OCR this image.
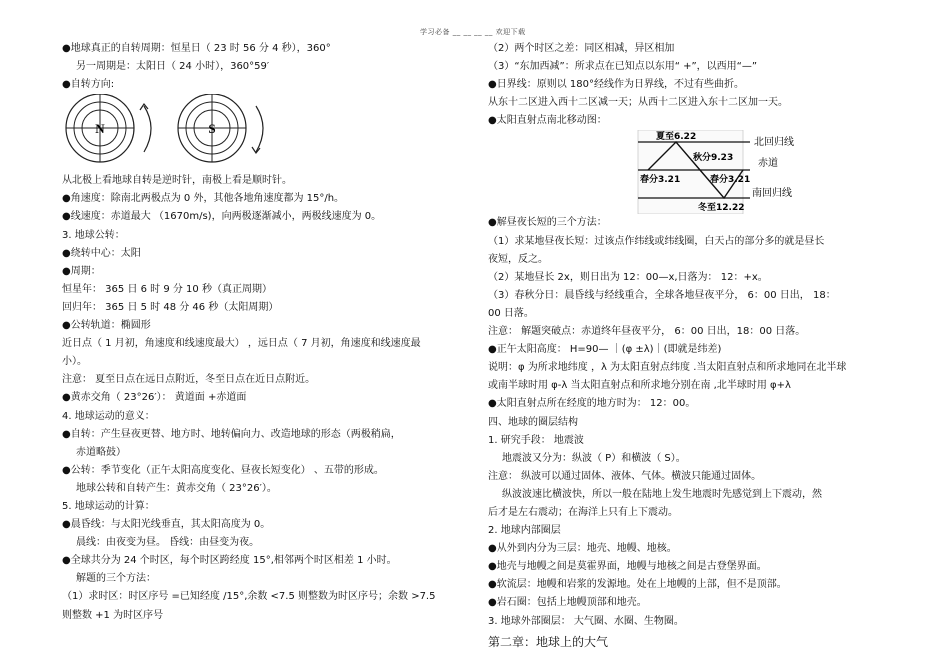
学习必备 __ __ __ __ 欢迎下载
●地球真正的自转周期：恒星日（ 23 时 56 分 4 秒），360°
另一周期是：太阳日（ 24 小时），360°59′
●自转方向:
N	S
从北极上看地球自转是逆时针，南极上看是顺时针。
●角速度：除南北两极点为 0 外，其他各地角速度都为 15°/h。
●线速度：赤道最大 （1670m/s)，向两极逐渐减小，两极线速度为 0。
3. 地球公转：
●绕转中心：太阳
●周期：
恒星年： 365 日 6 时 9 分 10 秒（真正周期）
回归年： 365 日 5 时 48 分 46 秒（太阳周期）
●公转轨道：椭圆形
近日点（ 1 月初，角速度和线速度最大） ，远日点（ 7 月初，角速度和线速度最
小）。
注意： 夏至日点在远日点附近，冬至日点在近日点附近。
●黄赤交角（ 23°26′）： 黄道面 +赤道面
4. 地球运动的意义：
●自转：产生昼夜更替、地方时、地转偏向力、改造地球的形态（两极稍扁，
赤道略鼓）
●公转：季节变化（正午太阳高度变化、昼夜长短变化） 、五带的形成。
地球公转和自转产生：黄赤交角（ 23°26′）。
5. 地球运动的计算：
●晨昏线：与太阳光线垂直，其太阳高度为 0。
晨线：由夜变为昼。 昏线：由昼变为夜。
●全球共分为 24 个时区，每个时区跨经度 15°,相邻两个时区相差 1 小时。
解题的三个方法：
（1）求时区：时区序号 =已知经度 /15°,余数 <7.5 则整数为时区序号；余数 >7.5
则整数 +1 为时区序号
（2）两个时区之差：同区相减，异区相加
（3）“东加西减”：所求点在已知点以东用“ +”，以西用“—”
●日界线：原则以 180°经线作为日界线，不过有些曲折。
从东十二区进入西十二区减一天；从西十二区进入东十二区加一天。
●太阳直射点南北移动图：
夏至6.22
秋分9.23
春分3.21	春分3.21
冬至12.22
北回归线
赤道
南回归线
●解昼夜长短的三个方法：
（1）求某地昼夜长短：过该点作纬线或纬线圈，白天占的部分多的就是昼长
夜短，反之。
（2）某地昼长 2x，则日出为 12：00—x,日落为： 12：+x。
（3）春秋分日：晨昏线与经线重合，全球各地昼夜平分， 6：00 日出， 18：
00 日落。
注意： 解题突破点：赤道终年昼夜平分， 6：00 日出，18：00 日落。
●正午太阳高度： H=90— ｜(φ ±λ)｜(即就是纬差)
说明：φ 为所求地纬度 ，λ 为太阳直射点纬度 .当太阳直射点和所求地同在北半球
或南半球时用 φ-λ 当太阳直射点和所求地分别在南 ,北半球时用 φ+λ
●太阳直射点所在经度的地方时为： 12：00。
四、地球的圈层结构
1. 研究手段： 地震波
地震波又分为：纵波（ P）和横波（ S）。
注意： 纵波可以通过固体、液体、气体。横波只能通过固体。
纵波波速比横波快，所以一般在陆地上发生地震时先感觉到上下震动，然
后才是左右震动；在海洋上只有上下震动。
2. 地球内部圈层
●从外到内分为三层：地壳、地幔、地核。
●地壳与地幔之间是莫霍界面，地幔与地核之间是古登堡界面。
●软流层：地幔和岩浆的发源地。处在上地幔的上部，但不是顶部。
●岩石圈：包括上地幔顶部和地壳。
3. 地球外部圈层： 大气圈、水圈、生物圈。
第二章：地球上的大气
